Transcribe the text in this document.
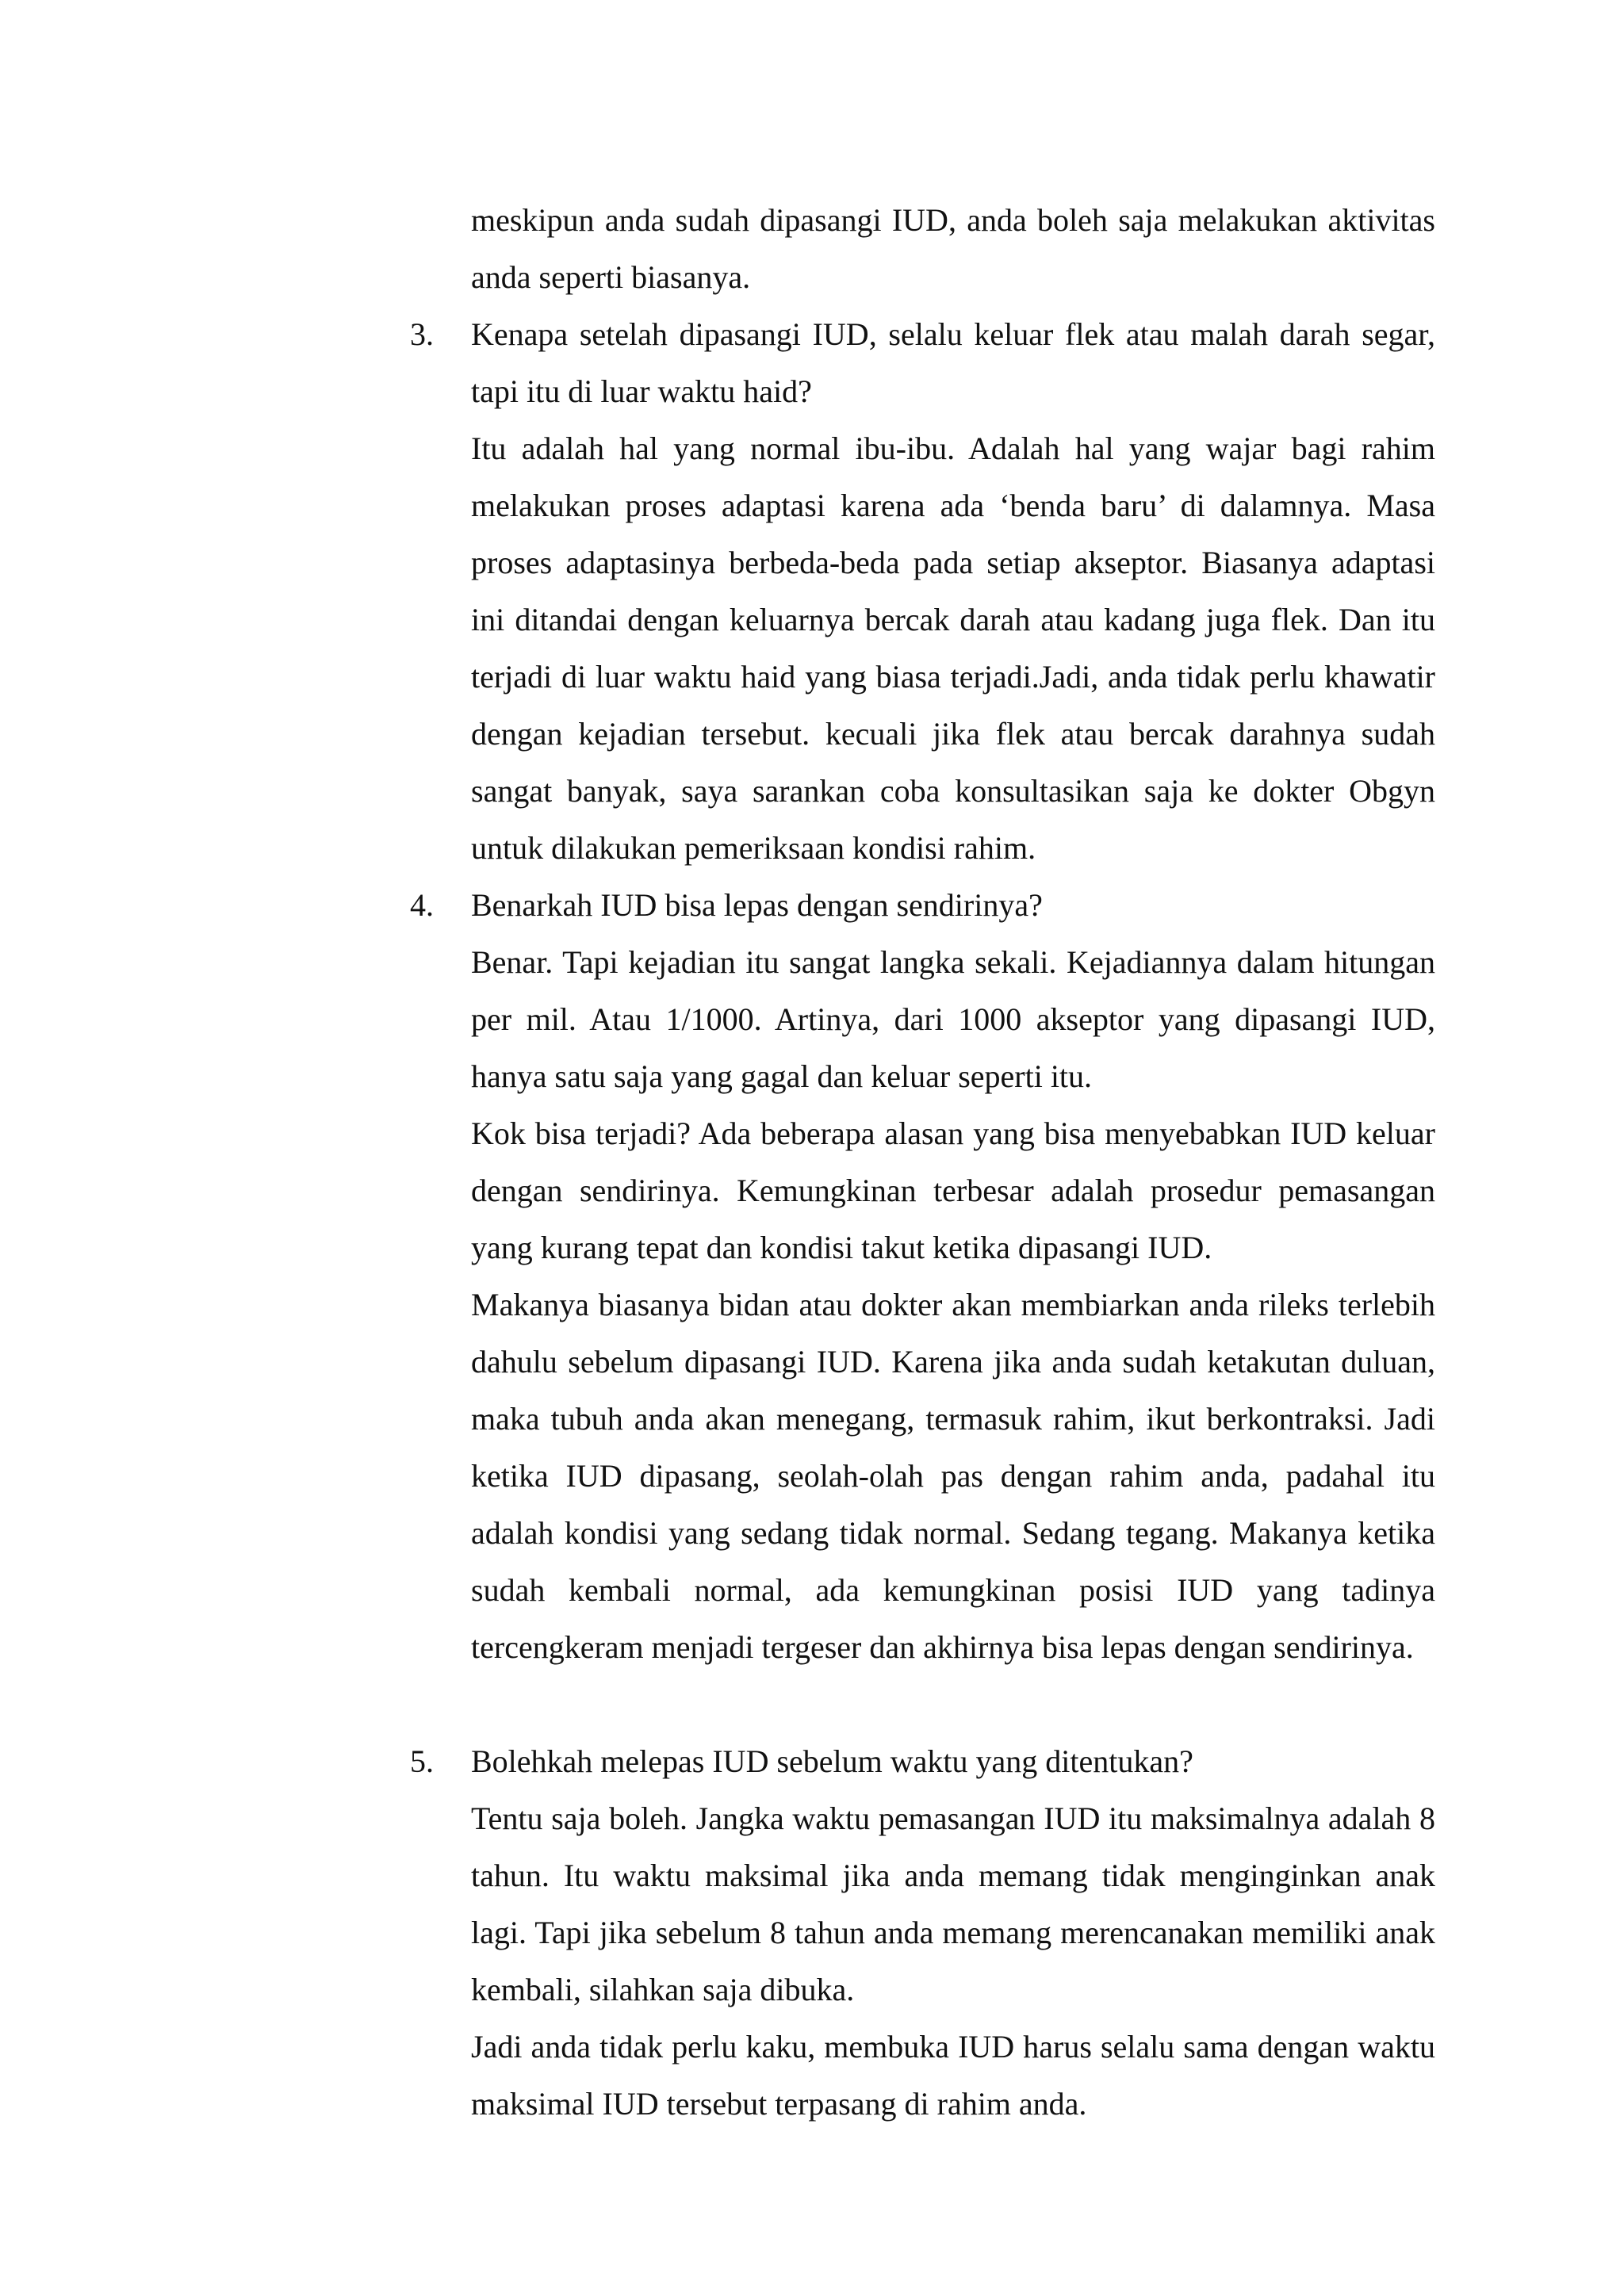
meskipun anda sudah dipasangi IUD, anda boleh saja melakukan aktivitas anda seperti biasanya.

3. Kenapa setelah dipasangi IUD, selalu keluar flek atau malah darah segar, tapi itu di luar waktu haid?

Itu adalah hal yang normal ibu-ibu. Adalah hal yang wajar bagi rahim melakukan proses adaptasi karena ada ‘benda baru’ di dalamnya. Masa proses adaptasinya berbeda-beda pada setiap akseptor. Biasanya adaptasi ini ditandai dengan keluarnya bercak darah atau kadang juga flek. Dan itu terjadi di luar waktu haid yang biasa terjadi.Jadi, anda tidak perlu khawatir dengan kejadian tersebut. kecuali jika flek atau bercak darahnya sudah sangat banyak, saya sarankan coba konsultasikan saja ke dokter Obgyn untuk dilakukan pemeriksaan kondisi rahim.

4. Benarkah IUD bisa lepas dengan sendirinya?

Benar. Tapi kejadian itu sangat langka sekali. Kejadiannya dalam hitungan per mil. Atau 1/1000. Artinya, dari 1000 akseptor yang dipasangi IUD, hanya satu saja yang gagal dan keluar seperti itu.

Kok bisa terjadi? Ada beberapa alasan yang bisa menyebabkan IUD keluar dengan sendirinya. Kemungkinan terbesar adalah prosedur pemasangan yang kurang tepat dan kondisi takut ketika dipasangi IUD.

Makanya biasanya bidan atau dokter akan membiarkan anda rileks terlebih dahulu sebelum dipasangi IUD. Karena jika anda sudah ketakutan duluan, maka tubuh anda akan menegang, termasuk rahim, ikut berkontraksi. Jadi ketika IUD dipasang, seolah-olah pas dengan rahim anda, padahal itu adalah kondisi yang sedang tidak normal. Sedang tegang. Makanya ketika sudah kembali normal, ada kemungkinan posisi IUD yang tadinya tercengkeram menjadi tergeser dan akhirnya bisa lepas dengan sendirinya.

5. Bolehkah melepas IUD sebelum waktu yang ditentukan?

Tentu saja boleh. Jangka waktu pemasangan IUD itu maksimalnya adalah 8 tahun. Itu waktu maksimal jika anda memang tidak menginginkan anak lagi. Tapi jika sebelum 8 tahun anda memang merencanakan memiliki anak kembali, silahkan saja dibuka.

Jadi anda tidak perlu kaku, membuka IUD harus selalu sama dengan waktu maksimal IUD tersebut terpasang di rahim anda.
